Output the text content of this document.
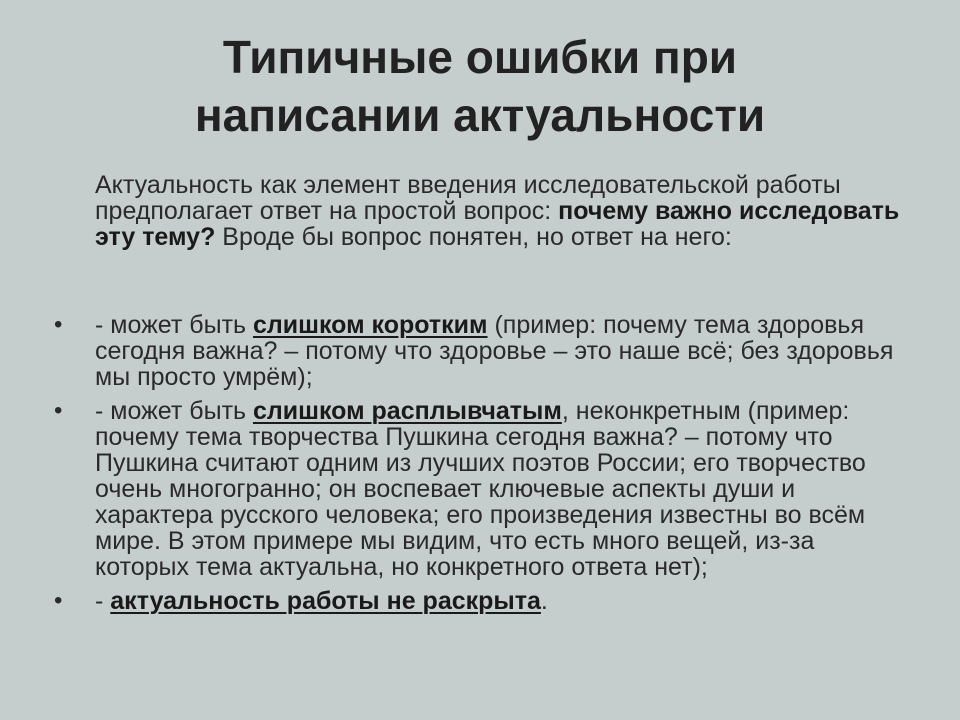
Типичные ошибки при
написании актуальности
Актуальность как элемент введения исследовательской работы предполагает ответ на простой вопрос: почему важно исследовать эту тему? Вроде бы вопрос понятен, но ответ на него:
• - может быть слишком коротким (пример: почему тема здоровья сегодня важна? – потому что здоровье – это наше всё; без здоровья мы просто умрём);
• - может быть слишком расплывчатым, неконкретным (пример: почему тема творчества Пушкина сегодня важна? – потому что Пушкина считают одним из лучших поэтов России; его творчество очень многогранно; он воспевает ключевые аспекты души и характера русского человека; его произведения известны во всём мире. В этом примере мы видим, что есть много вещей, из-за которых тема актуальна, но конкретного ответа нет);
• - актуальность работы не раскрыта.
